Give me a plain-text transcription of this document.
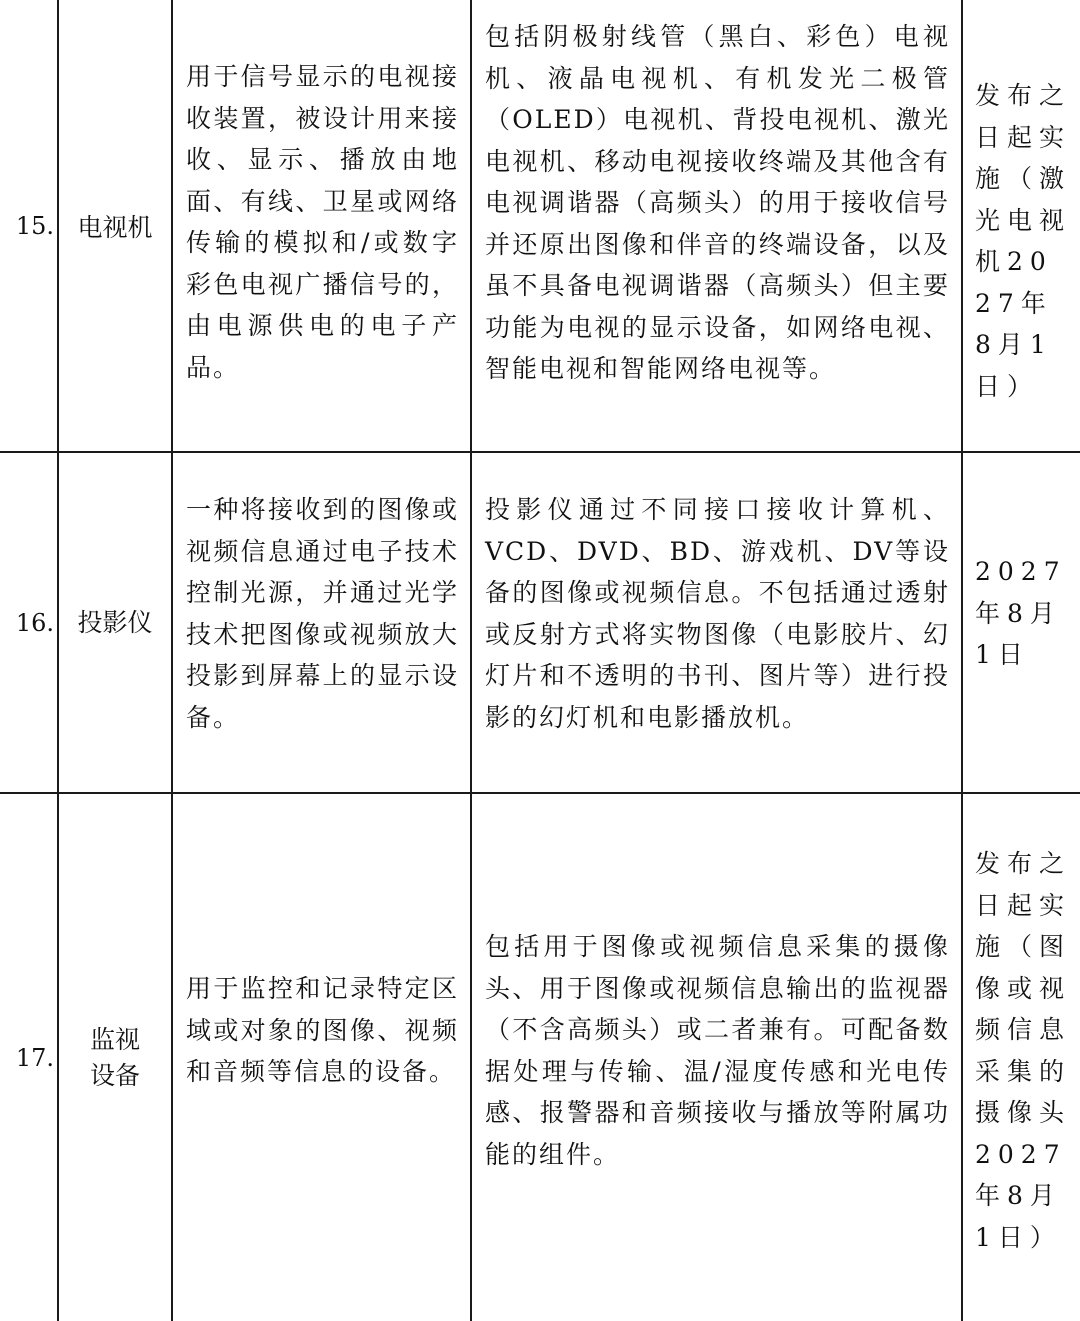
15. 电视机
用于信号显示的电视接收装置，被设计用来接收、显示、播放由地面、有线、卫星或网络传输的模拟和/或数字彩色电视广播信号的，由电源供电的电子产品。
包括阴极射线管（黑白、彩色）电视机、液晶电视机、有机发光二极管（OLED）电视机、背投电视机、激光电视机、移动电视接收终端及其他含有电视调谐器（高频头）的用于接收信号并还原出图像和伴音的终端设备，以及虽不具备电视调谐器（高频头）但主要功能为电视的显示设备，如网络电视、智能电视和智能网络电视等。
发布之日起实施（激光电视机2027年8月1日）
16. 投影仪
一种将接收到的图像或视频信息通过电子技术控制光源，并通过光学技术把图像或视频放大投影到屏幕上的显示设备。
投影仪通过不同接口接收计算机、VCD、DVD、BD、游戏机、DV等设备的图像或视频信息。不包括通过透射或反射方式将实物图像（电影胶片、幻灯片和不透明的书刊、图片等）进行投影的幻灯机和电影播放机。
2027年8月1日
17.
监视
设备
用于监控和记录特定区域或对象的图像、视频和音频等信息的设备。
包括用于图像或视频信息采集的摄像头、用于图像或视频信息输出的监视器（不含高频头）或二者兼有。可配备数据处理与传输、温/湿度传感和光电传感、报警器和音频接收与播放等附属功能的组件。
发布之日起实施（图像或视频信息采集的摄像头2027年8月1日）
